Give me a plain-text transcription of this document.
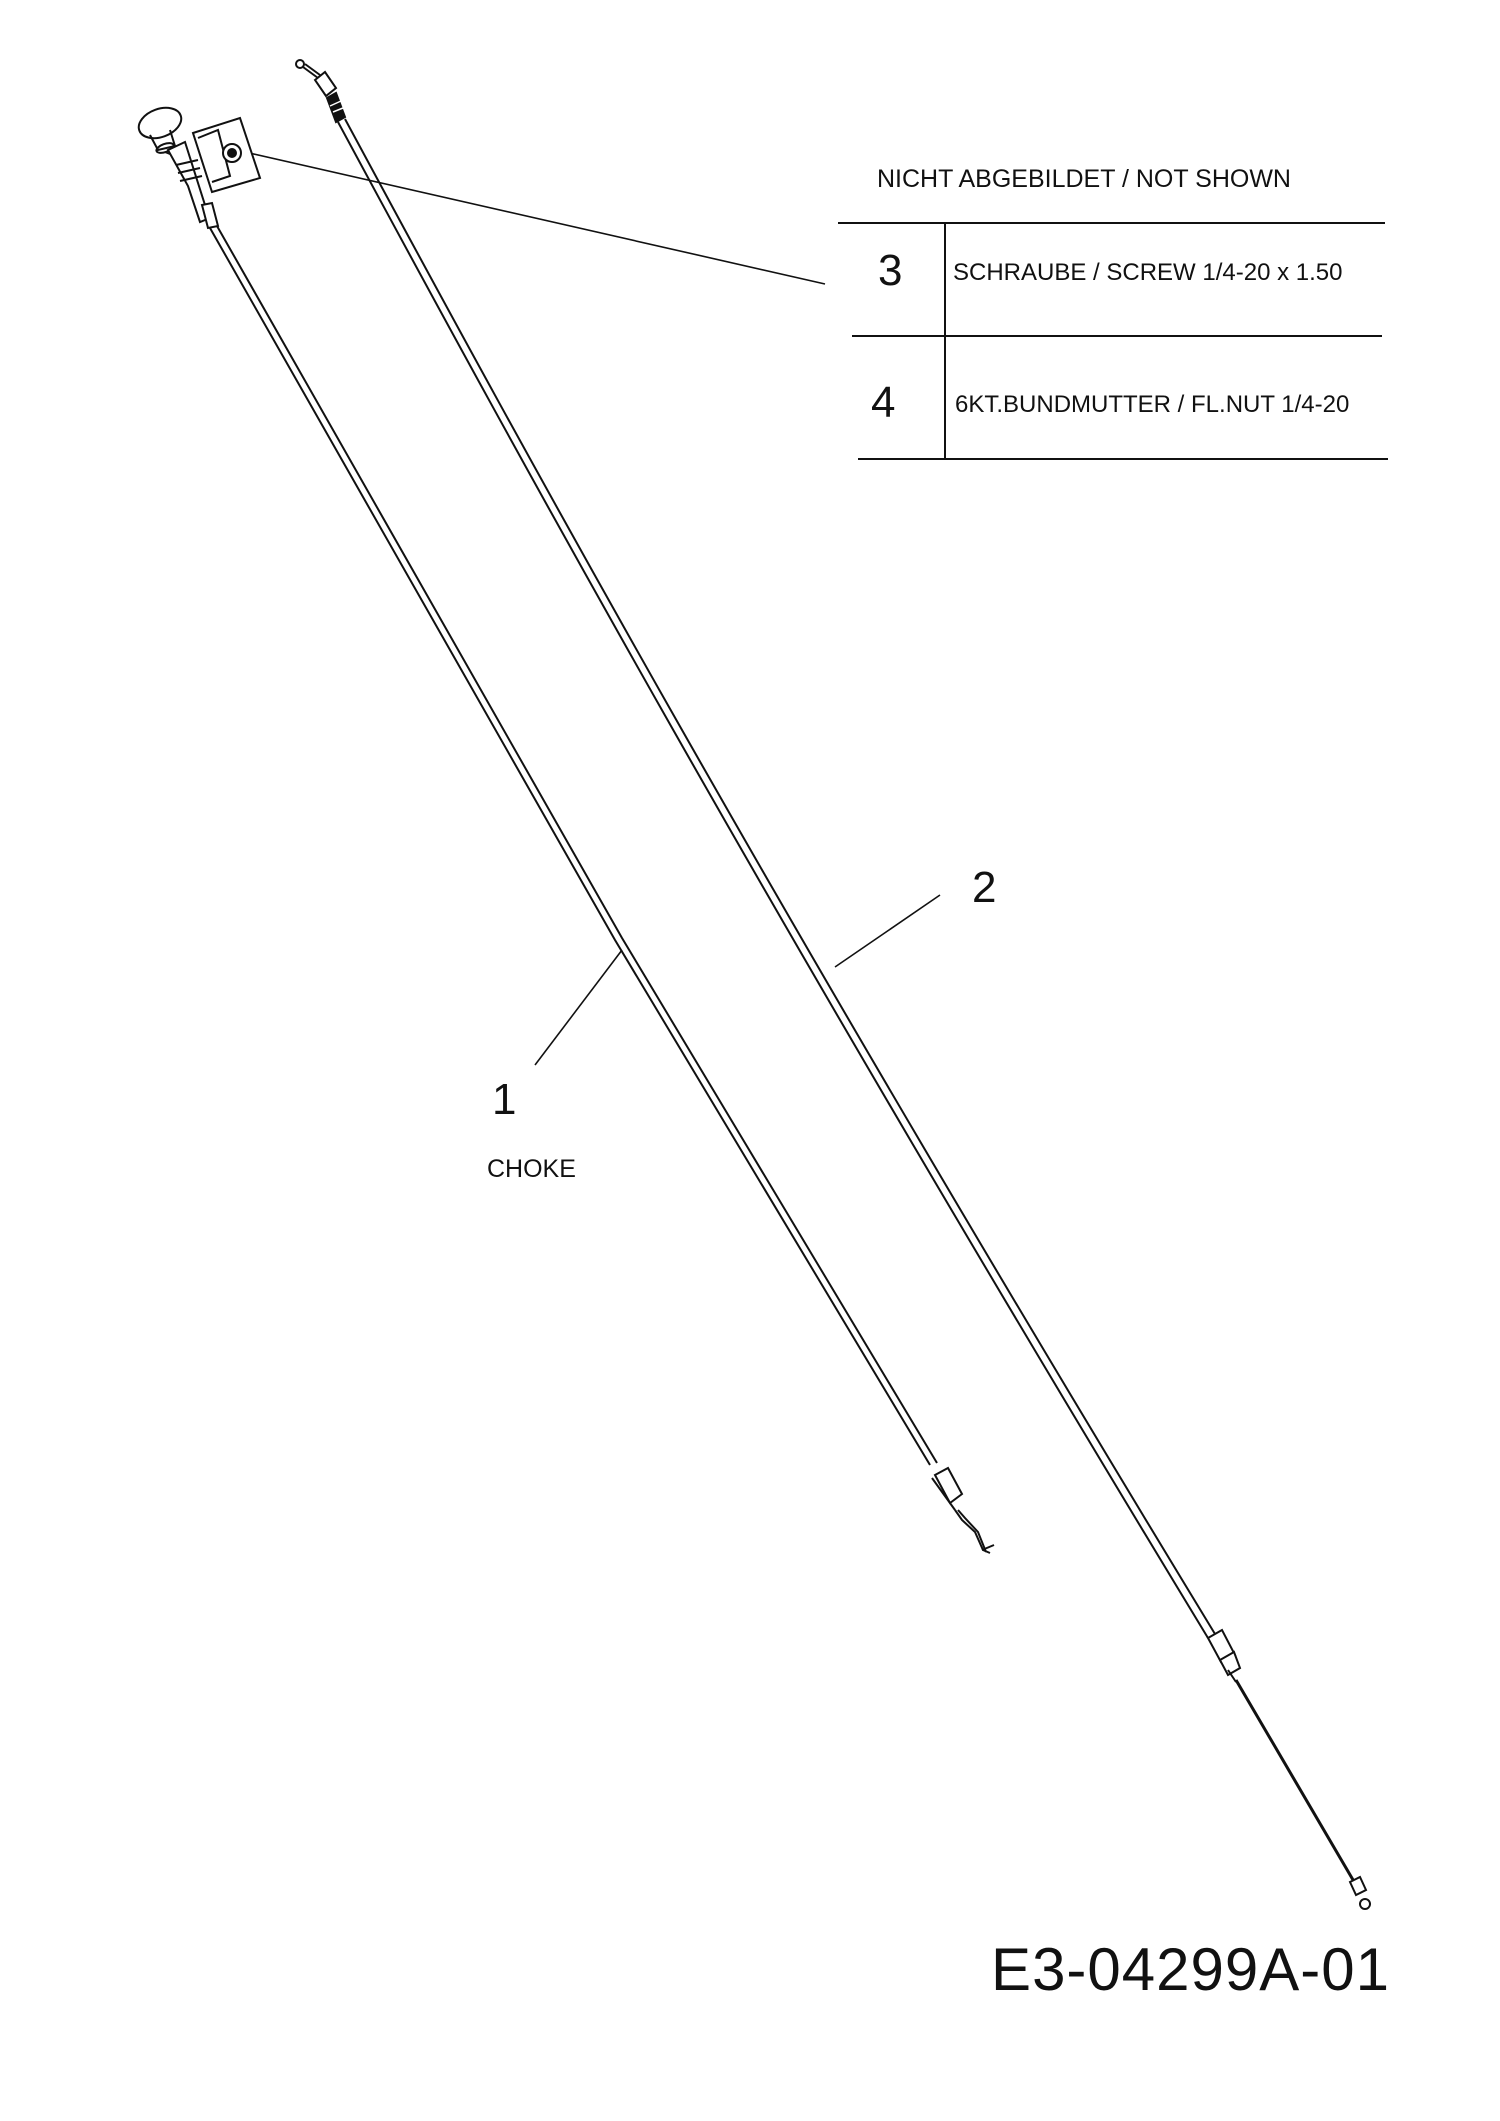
NICHT ABGEBILDET / NOT SHOWN
3 SCHRAUBE / SCREW 1/4-20 x 1.50
4 6KT.BUNDMUTTER / FL.NUT 1/4-20
1
CHOKE
2
E3-04299A-01
